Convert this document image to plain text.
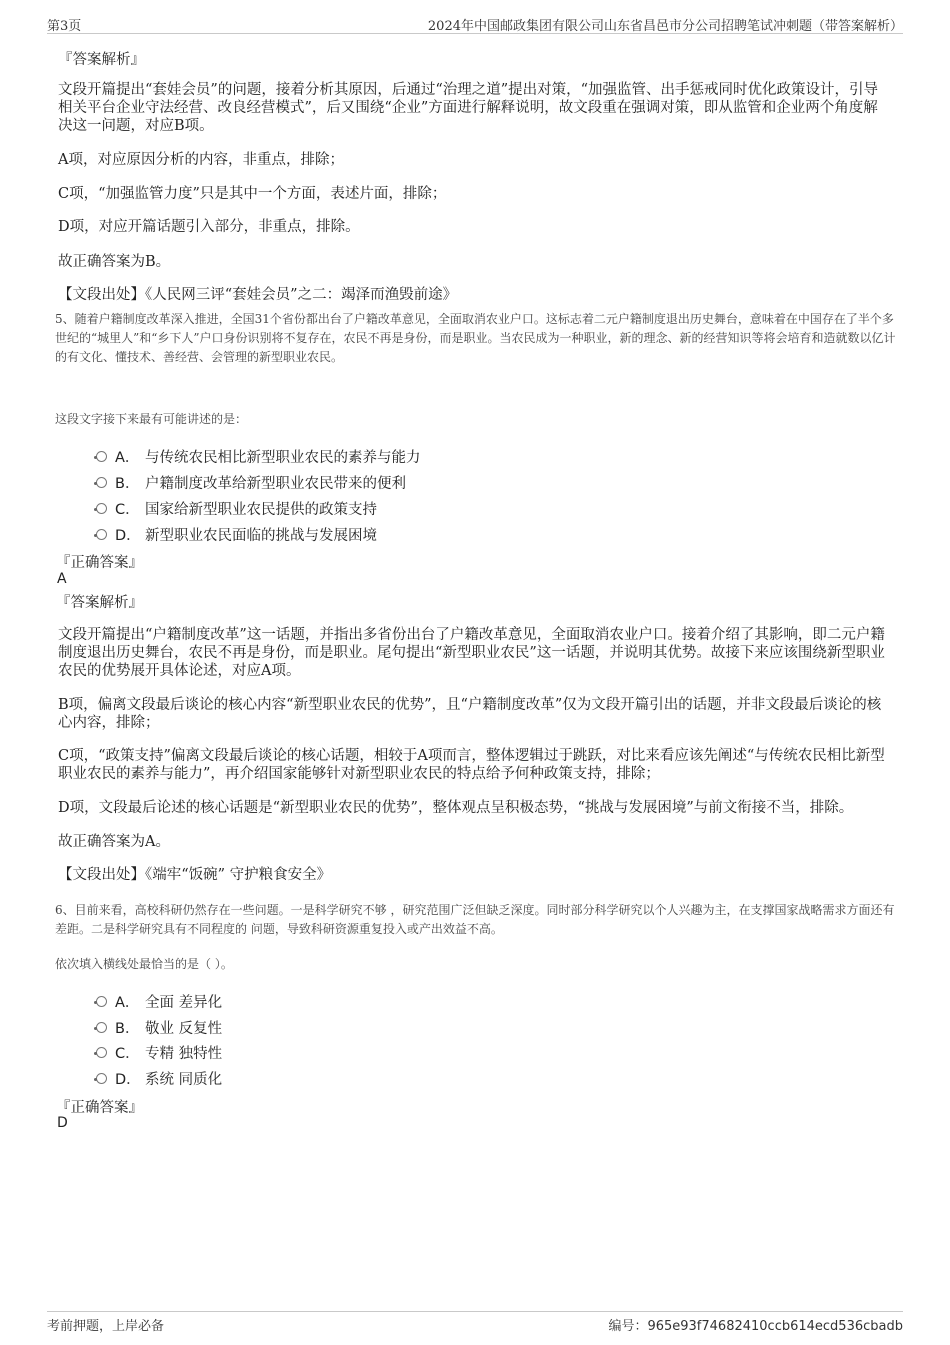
第3页	2024年中国邮政集团有限公司山东省昌邑市分公司招聘笔试冲刺题（带答案解析）
『答案解析』
文段开篇提出“套娃会员”的问题，接着分析其原因，后通过“治理之道”提出对策，“加强监管、出手惩戒同时优化政策设计，引导相关平台企业守法经营、改良经营模式”，后又围绕“企业”方面进行解释说明，故文段重在强调对策，即从监管和企业两个角度解决这一问题，对应B项。
A项，对应原因分析的内容，非重点，排除；
C项，“加强监管力度”只是其中一个方面，表述片面，排除；
D项，对应开篇话题引入部分，非重点，排除。
故正确答案为B。
【文段出处】《人民网三评“套娃会员”之二：竭泽而渔毁前途》
5、随着户籍制度改革深入推进，全国31个省份都出台了户籍改革意见，全面取消农业户口。这标志着二元户籍制度退出历史舞台，意味着在中国存在了半个多世纪的“城里人”和“乡下人”户口身份识别将不复存在，农民不再是身份，而是职业。当农民成为一种职业，新的理念、新的经营知识等将会培育和造就数以亿计的有文化、懂技术、善经营、会管理的新型职业农民。
这段文字接下来最有可能讲述的是：
A． 与传统农民相比新型职业农民的素养与能力
B． 户籍制度改革给新型职业农民带来的便利
C． 国家给新型职业农民提供的政策支持
D． 新型职业农民面临的挑战与发展困境
『正确答案』
A
『答案解析』
文段开篇提出“户籍制度改革”这一话题，并指出多省份出台了户籍改革意见，全面取消农业户口。接着介绍了其影响，即二元户籍制度退出历史舞台，农民不再是身份，而是职业。尾句提出“新型职业农民”这一话题，并说明其优势。故接下来应该围绕新型职业农民的优势展开具体论述，对应A项。
B项，偏离文段最后谈论的核心内容“新型职业农民的优势”，且“户籍制度改革”仅为文段开篇引出的话题，并非文段最后谈论的核心内容，排除；
C项，“政策支持”偏离文段最后谈论的核心话题，相较于A项而言，整体逻辑过于跳跃，对比来看应该先阐述“与传统农民相比新型职业农民的素养与能力”，再介绍国家能够针对新型职业农民的特点给予何种政策支持，排除；
D项，文段最后论述的核心话题是“新型职业农民的优势”，整体观点呈积极态势，“挑战与发展困境”与前文衔接不当，排除。
故正确答案为A。
【文段出处】《端牢“饭碗” 守护粮食安全》
6、目前来看，高校科研仍然存在一些问题。一是科学研究不够 ，研究范围广泛但缺乏深度。同时部分科学研究以个人兴趣为主，在支撑国家战略需求方面还有差距。二是科学研究具有不同程度的 问题，导致科研资源重复投入或产出效益不高。
依次填入横线处最恰当的是（ ）。
A． 全面 差异化
B． 敬业 反复性
C． 专精 独特性
D． 系统 同质化
『正确答案』
D
考前押题，上岸必备	编号：965e93f74682410ccb614ecd536cbadb
